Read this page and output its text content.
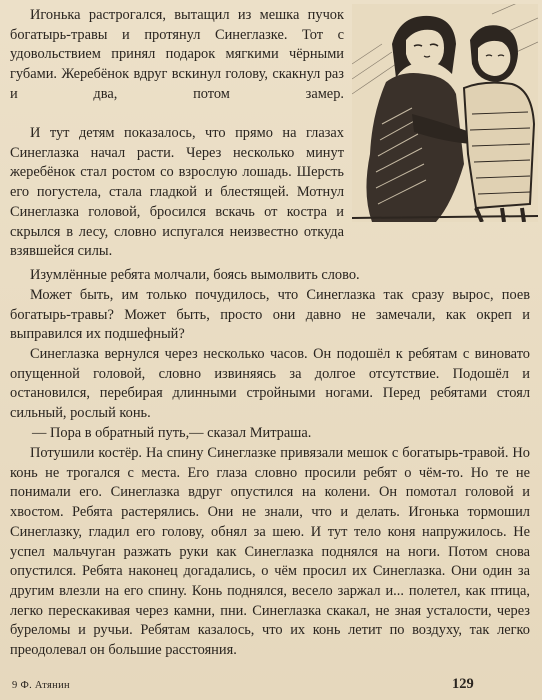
Игонька растрогался, вытащил из мешка пучок богатырь-травы и протянул Синеглазке. Тот с удовольствием принял подарок мягкими чёрными губами. Жеребёнок вдруг вскинул голову, скакнул раз и два, потом замер.

И тут детям показалось, что прямо на глазах Синеглазка начал расти. Через несколько минут жеребёнок стал ростом со взрослую лошадь. Шерсть его погустела, стала гладкой и блестящей. Мотнул Синеглазка головой, бросился вскачь от костра и скрылся в лесу, словно испугался неизвестно откуда взявшейся силы.

Изумлённые ребята молчали, боясь вымолвить слово.

Может быть, им только почудилось, что Синеглазка так сразу вырос, поев богатырь-травы? Может быть, просто они давно не замечали, как окреп и выправился их подшефный?

Синеглазка вернулся через несколько часов. Он подошёл к ребятам с виновато опущенной головой, словно извиняясь за долгое отсутствие. Подошёл и остановился, перебирая длинными стройными ногами. Перед ребятами стоял сильный, рослый конь.

— Пора в обратный путь,— сказал Митраша.

Потушили костёр. На спину Синеглазке привязали мешок с богатырь-травой. Но конь не трогался с места. Его глаза словно просили ребят о чём-то. Но те не понимали его. Синеглазка вдруг опустился на колени. Он помотал головой и хвостом. Ребята растерялись. Они не знали, что и делать. Игонька тормошил Синеглазку, гладил его голову, обнял за шею. И тут тело коня напружилось. Не успел мальчуган разжать руки как Синеглазка поднялся на ноги. Потом снова опустился. Ребята наконец догадались, о чём просил их Синеглазка. Они один за другим влезли на его спину. Конь поднялся, весело заржал и... полетел, как птица, легко перескакивая через камни, пни. Синеглазка скакал, не зная усталости, через буреломы и ручьи. Ребятам казалось, что их конь летит по воздуху, так легко преодолевал он большие расстояния.

9 Ф. Атянин	129
